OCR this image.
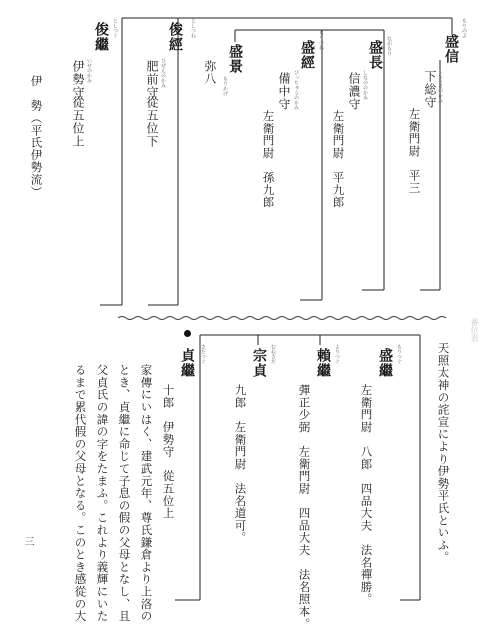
伊　勢（平氏伊勢流）
もりのぶ
盛信
しもうさのかみ
下総守
左衛門尉　平三
ながもり
盛長
しなののかみ
信濃守
左衛門尉　平九郎
もりつね
盛經
びっちゅうのかみ
備中守
左衛門尉　孫九郎
盛景
もりかげ
弥八
としつね
俊經
ひぜんのかみ
肥前守
從五位下
としつぐ
俊繼
いせのかみ
伊勢守
從五位上
番位表
天照太神の詫宣により伊勢平氏といふ。
もりつぐ
盛繼
左衛門尉　八郎　四品大夫　法名禪勝。
よりつぐ
賴繼
彈正少弼　左衛門尉　四品大夫　法名照本。
むねさだ
宗貞
九郎　左衛門尉　法名道可。
さだつぐ
貞繼
十郎　伊勢守　從五位上
家傳にいはく、建武元年、尊氏鎌倉より上洛の
とき、貞繼に命じて子息の假の父母となし、且
父貞氏の諱の字をたまふ。これより義輝にいた
るまで累代假の父母となる。このとき感從の大
三
